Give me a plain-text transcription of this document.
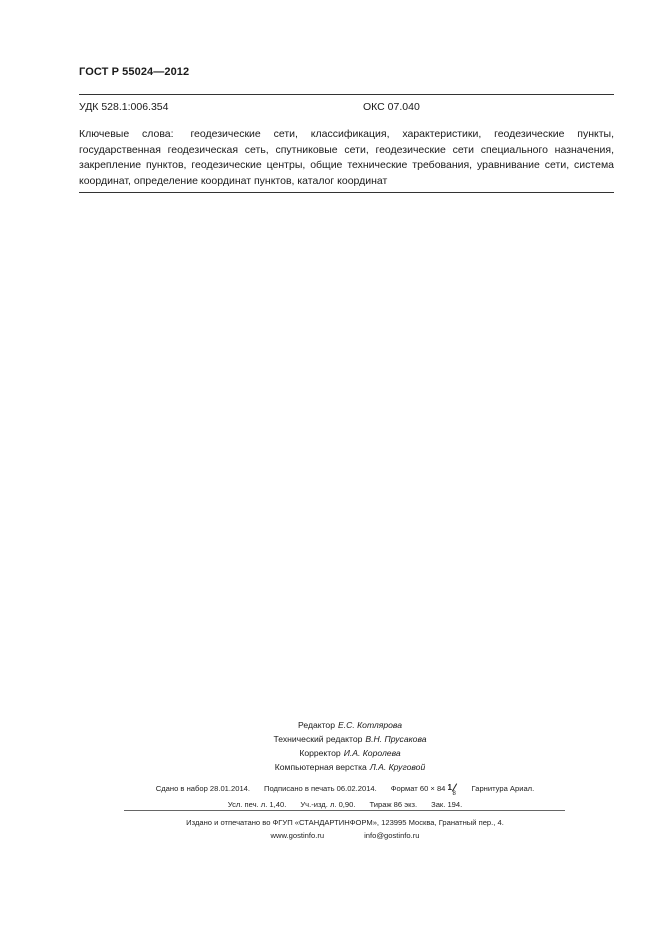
ГОСТ Р 55024—2012
УДК 528.1:006.354	ОКС 07.040

Ключевые слова: геодезические сети, классификация, характеристики, геодезические пункты, государственная геодезическая сеть, спутниковые сети, геодезические сети специального назначения, закрепление пунктов, геодезические центры, общие технические требования, уравнивание сети, система координат, определение координат пунктов, каталог координат

Редактор Е.С. Котлярова
Технический редактор В.Н. Прусакова
Корректор И.А. Королева
Компьютерная верстка Л.А. Круговой
Сдано в набор 28.01.2014. Подписано в печать 06.02.2014. Формат 60 × 84 1
8
Гарнитура Ариал.
Усл. печ. л. 1,40. Уч.-изд. л. 0,90. Тираж 86 экз. Зак. 194.
Издано и отпечатано во ФГУП «СТАНДАРТИНФОРМ», 123995 Москва, Гранатный пер., 4.
www.gostinfo.ru	info@gostinfo.ru
